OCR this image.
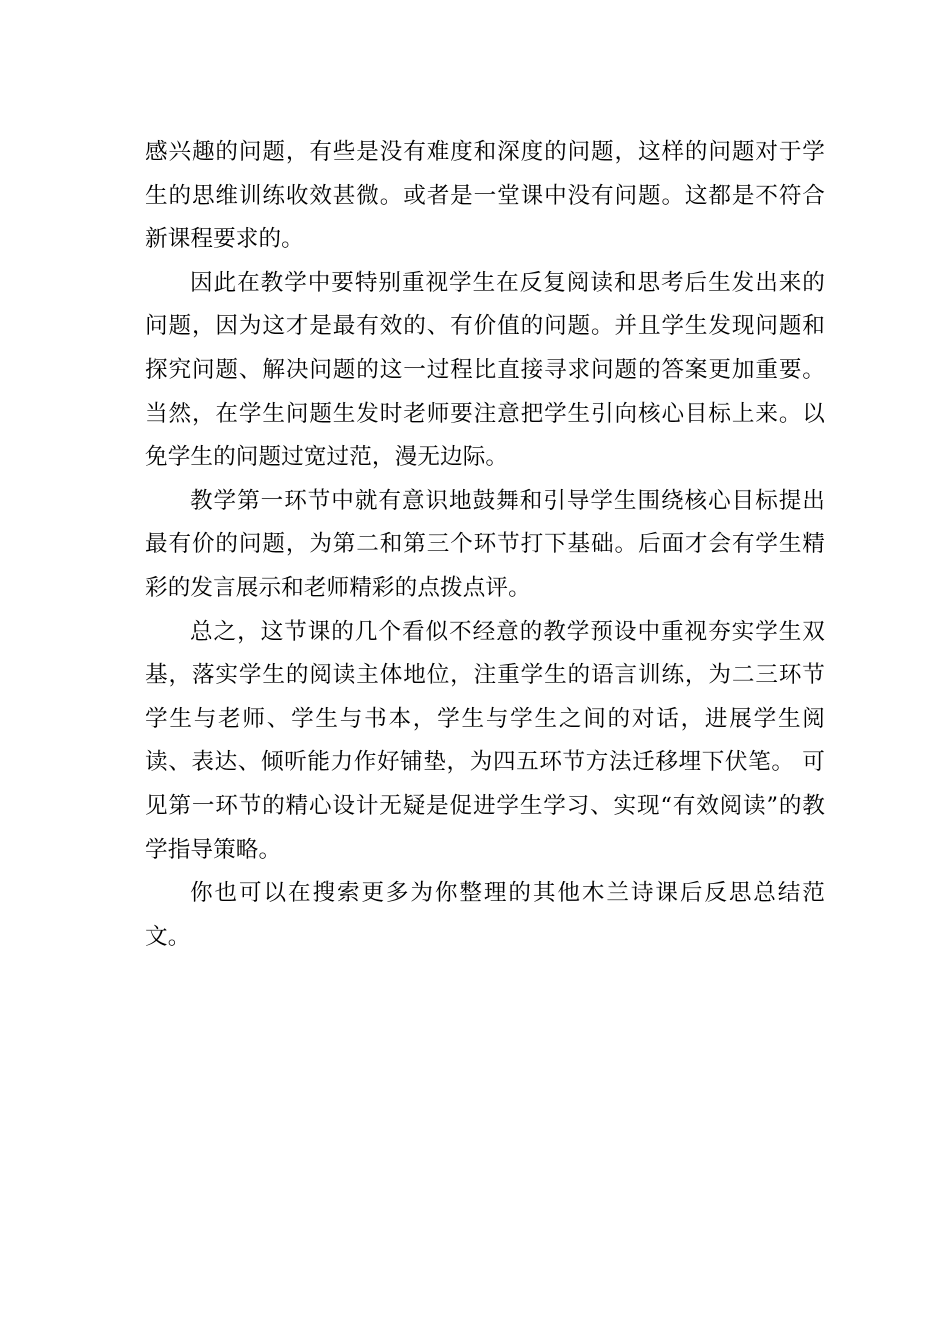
感兴趣的问题，有些是没有难度和深度的问题，这样的问题对于学生的思维训练收效甚微。或者是一堂课中没有问题。这都是不符合新课程要求的。

因此在教学中要特别重视学生在反复阅读和思考后生发出来的问题，因为这才是最有效的、有价值的问题。并且学生发现问题和探究问题、解决问题的这一过程比直接寻求问题的答案更加重要。当然，在学生问题生发时老师要注意把学生引向核心目标上来。以免学生的问题过宽过范，漫无边际。

教学第一环节中就有意识地鼓舞和引导学生围绕核心目标提出最有价的问题，为第二和第三个环节打下基础。后面才会有学生精彩的发言展示和老师精彩的点拨点评。

总之，这节课的几个看似不经意的教学预设中重视夯实学生双基，落实学生的阅读主体地位，注重学生的语言训练，为二三环节学生与老师、学生与书本，学生与学生之间的对话，进展学生阅读、表达、倾听能力作好铺垫，为四五环节方法迁移埋下伏笔。 可见第一环节的精心设计无疑是促进学生学习、实现“有效阅读”的教学指导策略。

你也可以在搜索更多为你整理的其他木兰诗课后反思总结范文。
